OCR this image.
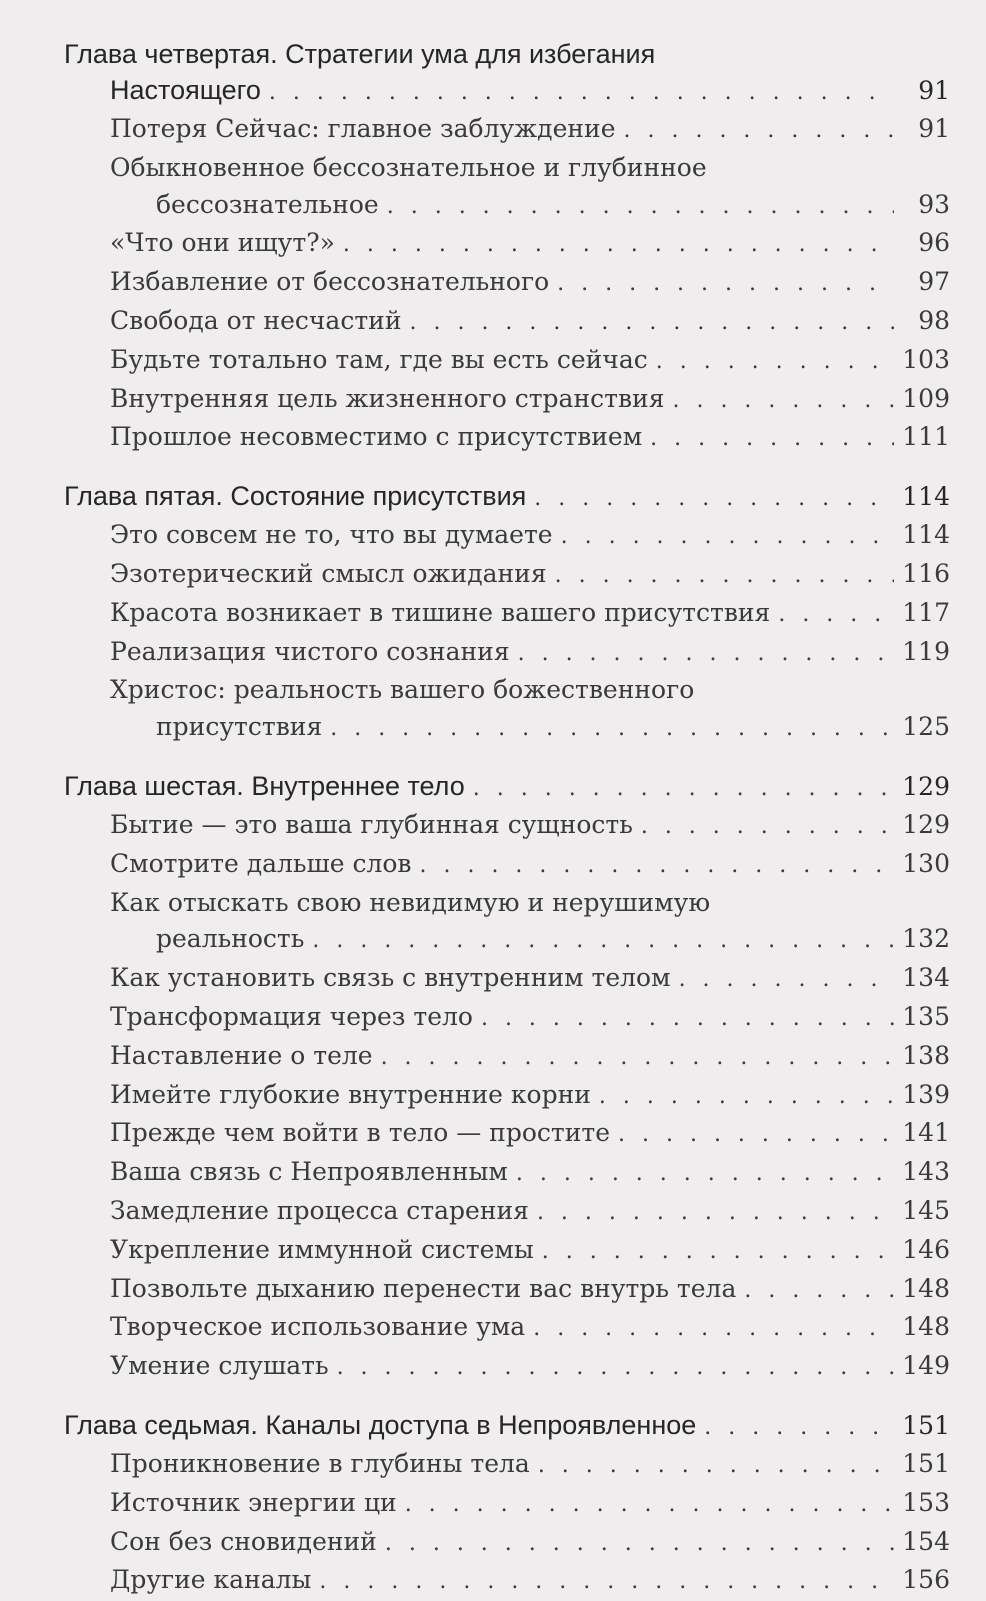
Глава четвертая. Стратегии ума для избегания
Настоящего . . .	91
Потеря Сейчас: главное заблуждение . . .	91
Обыкновенное бессознательное и глубинное
бессознательное . . .	93
«Что они ищут?» . . .	96
Избавление от бессознательного . . .	97
Свобода от несчастий . . .	98
Будьте тотально там, где вы есть сейчас . . .	103
Внутренняя цель жизненного странствия . . .	109
Прошлое несовместимо с присутствием . . .	111
Глава пятая. Состояние присутствия . . .	114
Это совсем не то, что вы думаете . . .	114
Эзотерический смысл ожидания . . .	116
Красота возникает в тишине вашего присутствия . . .	117
Реализация чистого сознания . . .	119
Христос: реальность вашего божественного
присутствия . . .	125
Глава шестая. Внутреннее тело . . .	129
Бытие — это ваша глубинная сущность . . .	129
Смотрите дальше слов . . .	130
Как отыскать свою невидимую и нерушимую
реальность . . .	132
Как установить связь с внутренним телом . . .	134
Трансформация через тело . . .	135
Наставление о теле . . .	138
Имейте глубокие внутренние корни . . .	139
Прежде чем войти в тело — простите . . .	141
Ваша связь с Непроявленным . . .	143
Замедление процесса старения . . .	145
Укрепление иммунной системы . . .	146
Позвольте дыханию перенести вас внутрь тела . . .	148
Творческое использование ума . . .	148
Умение слушать . . .	149
Глава седьмая. Каналы доступа в Непроявленное . . .	151
Проникновение в глубины тела . . .	151
Источник энергии ци . . .	153
Сон без сновидений . . .	154
Другие каналы . . .	156
